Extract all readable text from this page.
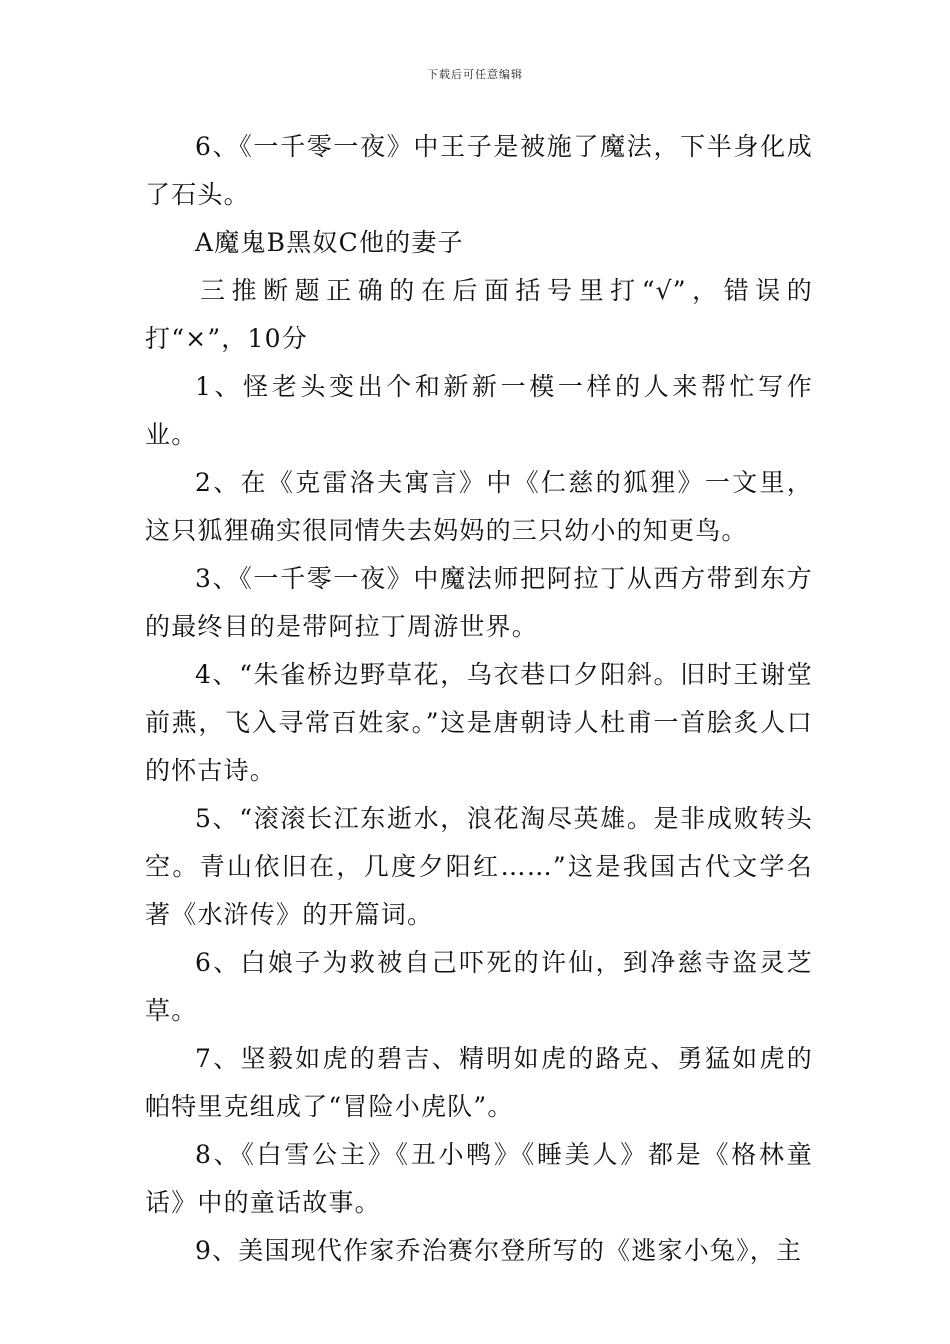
下载后可任意编辑

6、《一千零一夜》中王子是被施了魔法，下半身化成了石头。

A魔鬼B黑奴C他的妻子

三推断题正确的在后面括号里打“√”，错误的打“×”，10分

1、怪老头变出个和新新一模一样的人来帮忙写作业。

2、在《克雷洛夫寓言》中《仁慈的狐狸》一文里，这只狐狸确实很同情失去妈妈的三只幼小的知更鸟。

3、《一千零一夜》中魔法师把阿拉丁从西方带到东方的最终目的是带阿拉丁周游世界。

4、“朱雀桥边野草花，乌衣巷口夕阳斜。旧时王谢堂前燕，飞入寻常百姓家。”这是唐朝诗人杜甫一首脍炙人口的怀古诗。

5、“滚滚长江东逝水，浪花淘尽英雄。是非成败转头空。青山依旧在，几度夕阳红……”这是我国古代文学名著《水浒传》的开篇词。

6、白娘子为救被自己吓死的许仙，到净慈寺盗灵芝草。

7、坚毅如虎的碧吉、精明如虎的路克、勇猛如虎的帕特里克组成了“冒险小虎队”。

8、《白雪公主》《丑小鸭》《睡美人》都是《格林童话》中的童话故事。

9、美国现代作家乔治赛尔登所写的《逃家小兔》，主
